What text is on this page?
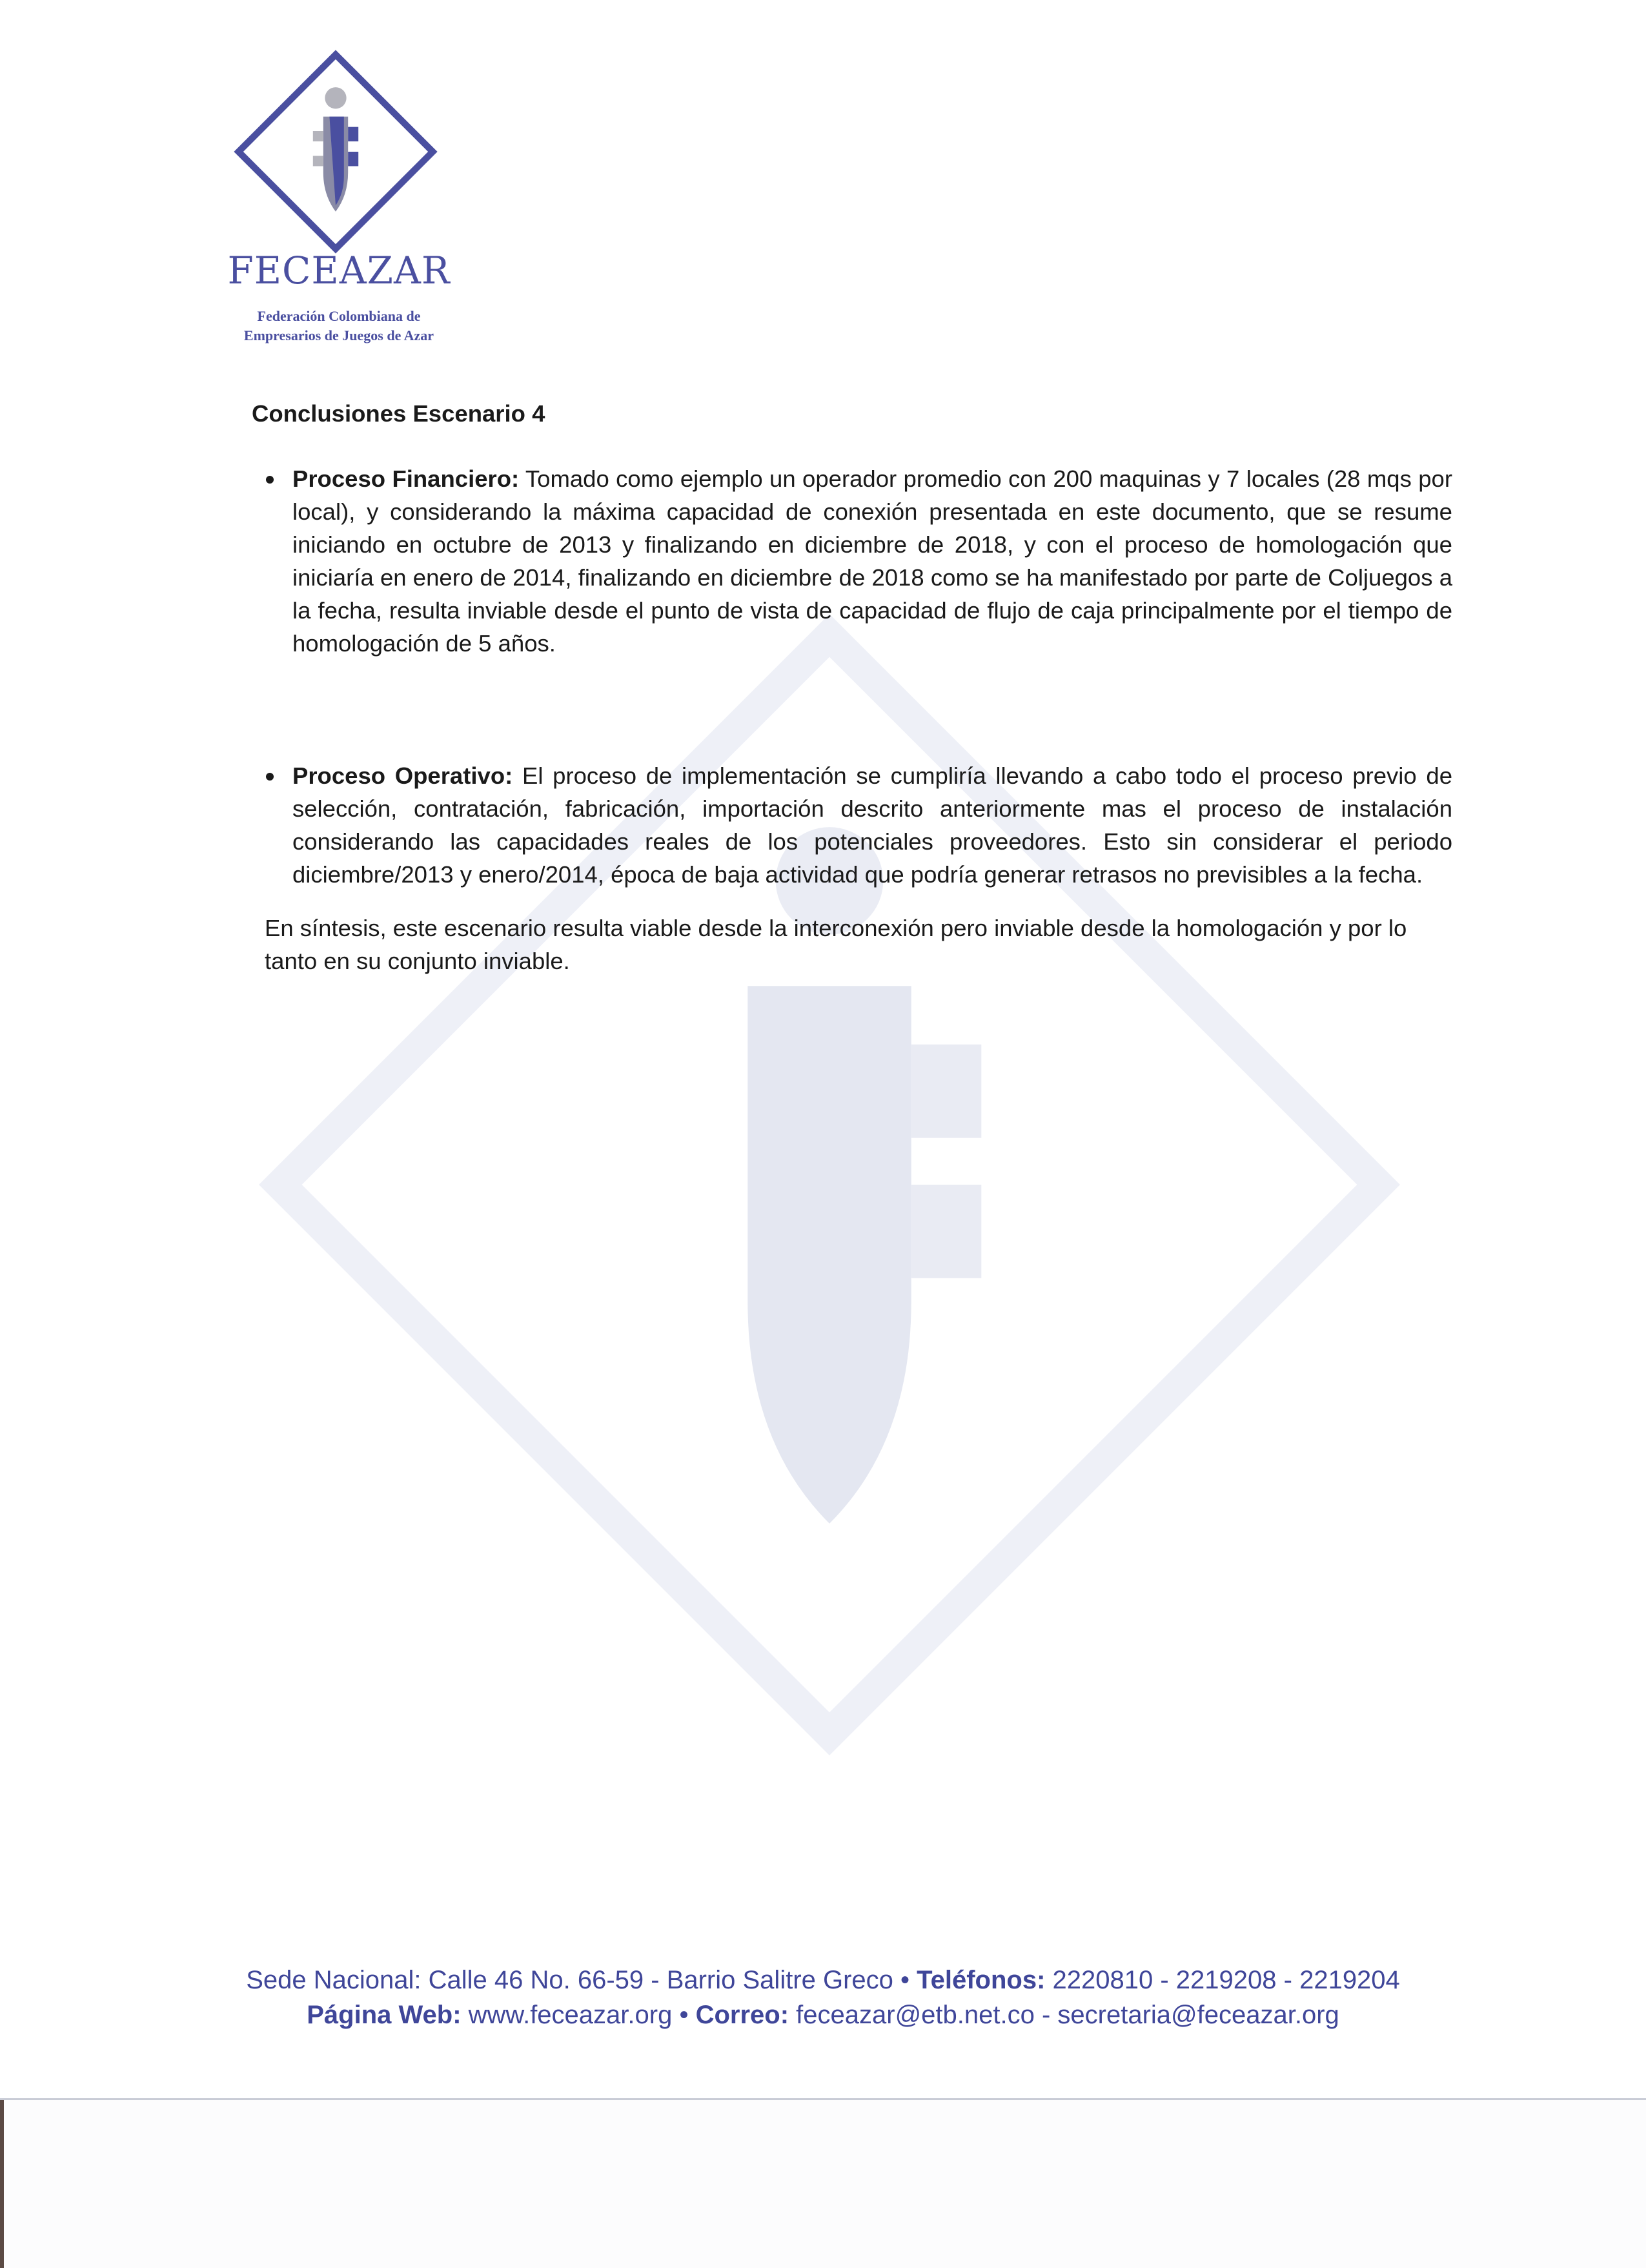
FECEAZAR
Federación Colombiana de
Empresarios de Juegos de Azar

Conclusiones Escenario 4

Proceso Financiero: Tomado como ejemplo un operador promedio con 200 maquinas y 7 locales (28 mqs por local), y considerando la máxima capacidad de conexión presentada en este documento, que se resume iniciando en octubre de 2013 y finalizando en diciembre de 2018, y con el proceso de homologación que iniciaría en enero de 2014, finalizando en diciembre de 2018 como se ha manifestado por parte de Coljuegos a la fecha, resulta inviable desde el punto de vista de capacidad de flujo de caja principalmente por el tiempo de homologación de 5 años.

Proceso Operativo: El proceso de implementación se cumpliría llevando a cabo todo el proceso previo de selección, contratación, fabricación, importación descrito anteriormente mas el proceso de instalación considerando las capacidades reales de los potenciales proveedores. Esto sin considerar el periodo diciembre/2013 y enero/2014, época de baja actividad que podría generar retrasos no previsibles a la fecha.

En síntesis, este escenario resulta viable desde la interconexión pero inviable desde la homologación y por lo tanto en su conjunto inviable.

Sede Nacional: Calle 46 No. 66-59 - Barrio Salitre Greco • Teléfonos: 2220810 - 2219208 - 2219204
Página Web: www.feceazar.org • Correo: feceazar@etb.net.co - secretaria@feceazar.org
